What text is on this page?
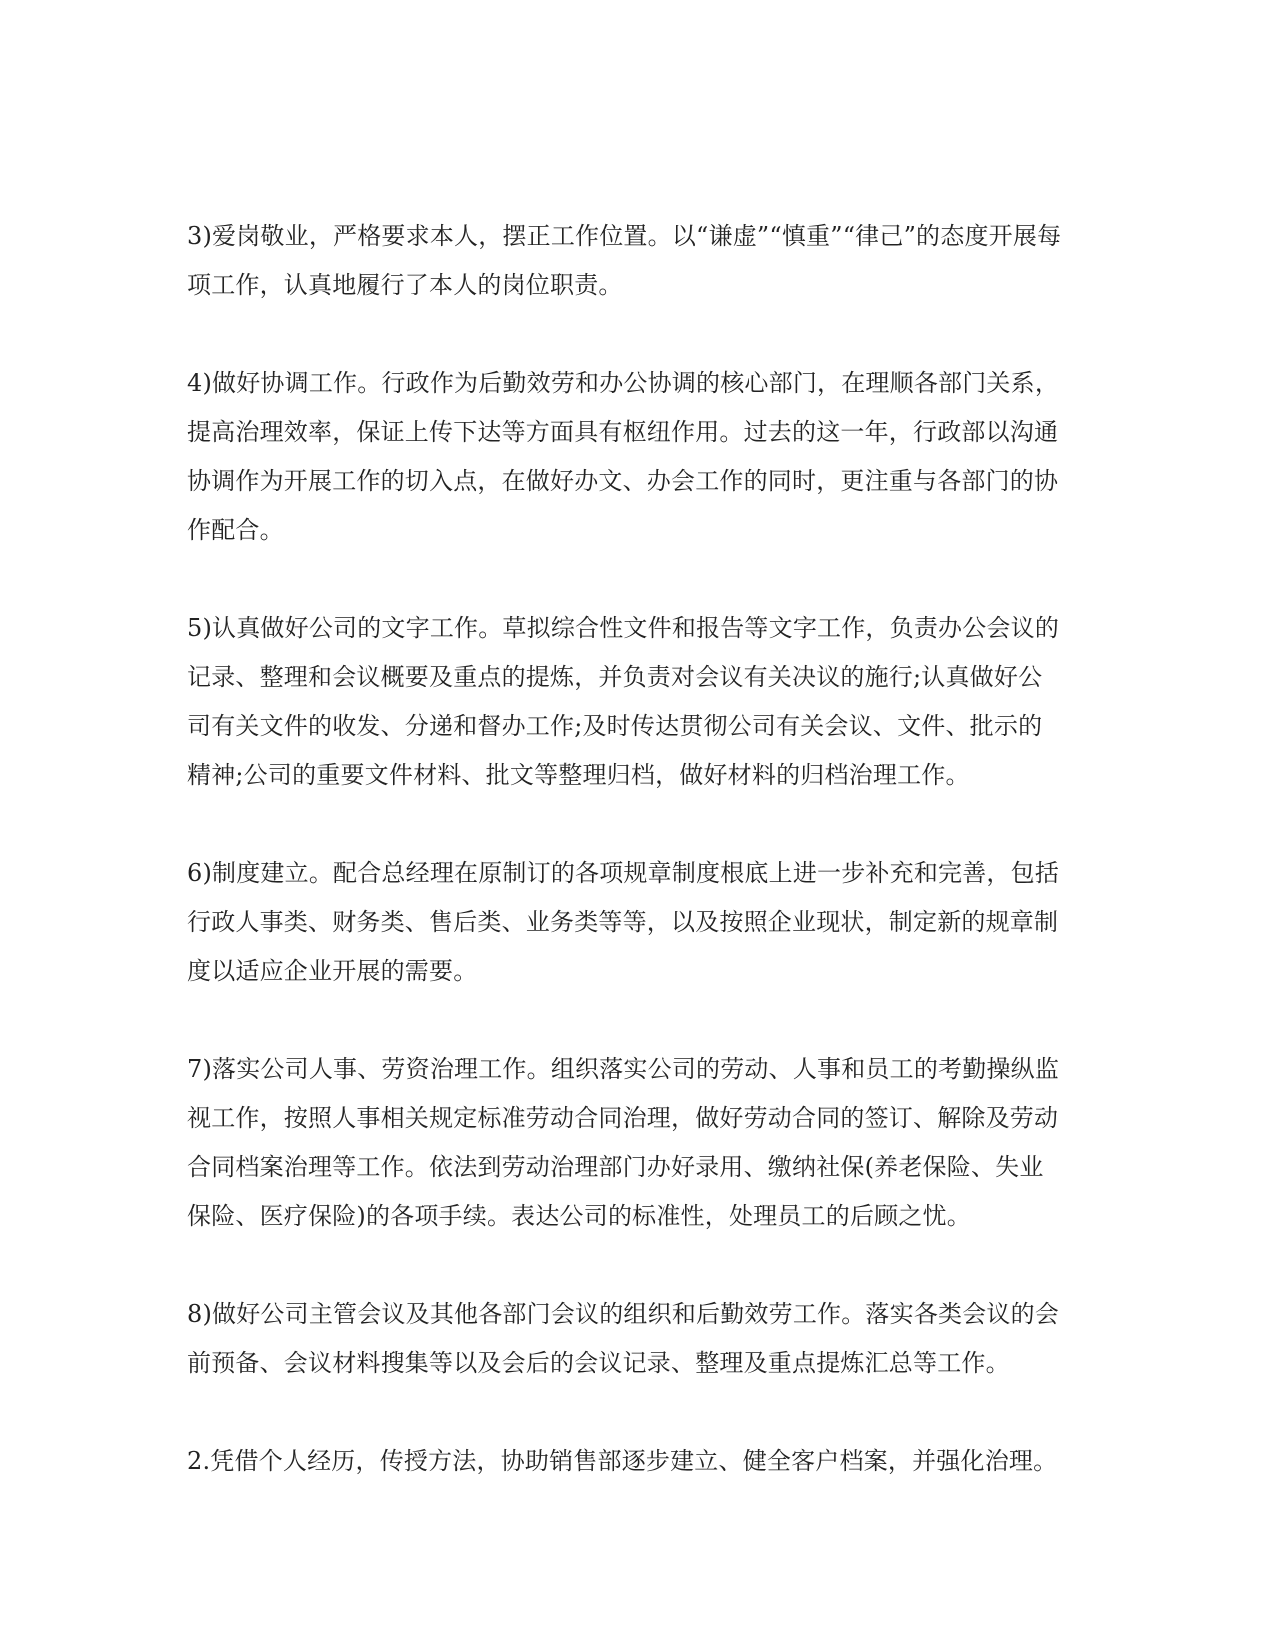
3)爱岗敬业，严格要求本人，摆正工作位置。以“谦虚”“慎重”“律己”的态度开展每
项工作，认真地履行了本人的岗位职责。

4)做好协调工作。行政作为后勤效劳和办公协调的核心部门，在理顺各部门关系，
提高治理效率，保证上传下达等方面具有枢纽作用。过去的这一年，行政部以沟通
协调作为开展工作的切入点，在做好办文、办会工作的同时，更注重与各部门的协
作配合。

5)认真做好公司的文字工作。草拟综合性文件和报告等文字工作，负责办公会议的
记录、整理和会议概要及重点的提炼，并负责对会议有关决议的施行;认真做好公
司有关文件的收发、分递和督办工作;及时传达贯彻公司有关会议、文件、批示的
精神;公司的重要文件材料、批文等整理归档，做好材料的归档治理工作。

6)制度建立。配合总经理在原制订的各项规章制度根底上进一步补充和完善，包括
行政人事类、财务类、售后类、业务类等等，以及按照企业现状，制定新的规章制
度以适应企业开展的需要。

7)落实公司人事、劳资治理工作。组织落实公司的劳动、人事和员工的考勤操纵监
视工作，按照人事相关规定标准劳动合同治理，做好劳动合同的签订、解除及劳动
合同档案治理等工作。依法到劳动治理部门办好录用、缴纳社保(养老保险、失业
保险、医疗保险)的各项手续。表达公司的标准性，处理员工的后顾之忧。

8)做好公司主管会议及其他各部门会议的组织和后勤效劳工作。落实各类会议的会
前预备、会议材料搜集等以及会后的会议记录、整理及重点提炼汇总等工作。

2.凭借个人经历，传授方法，协助销售部逐步建立、健全客户档案，并强化治理。
